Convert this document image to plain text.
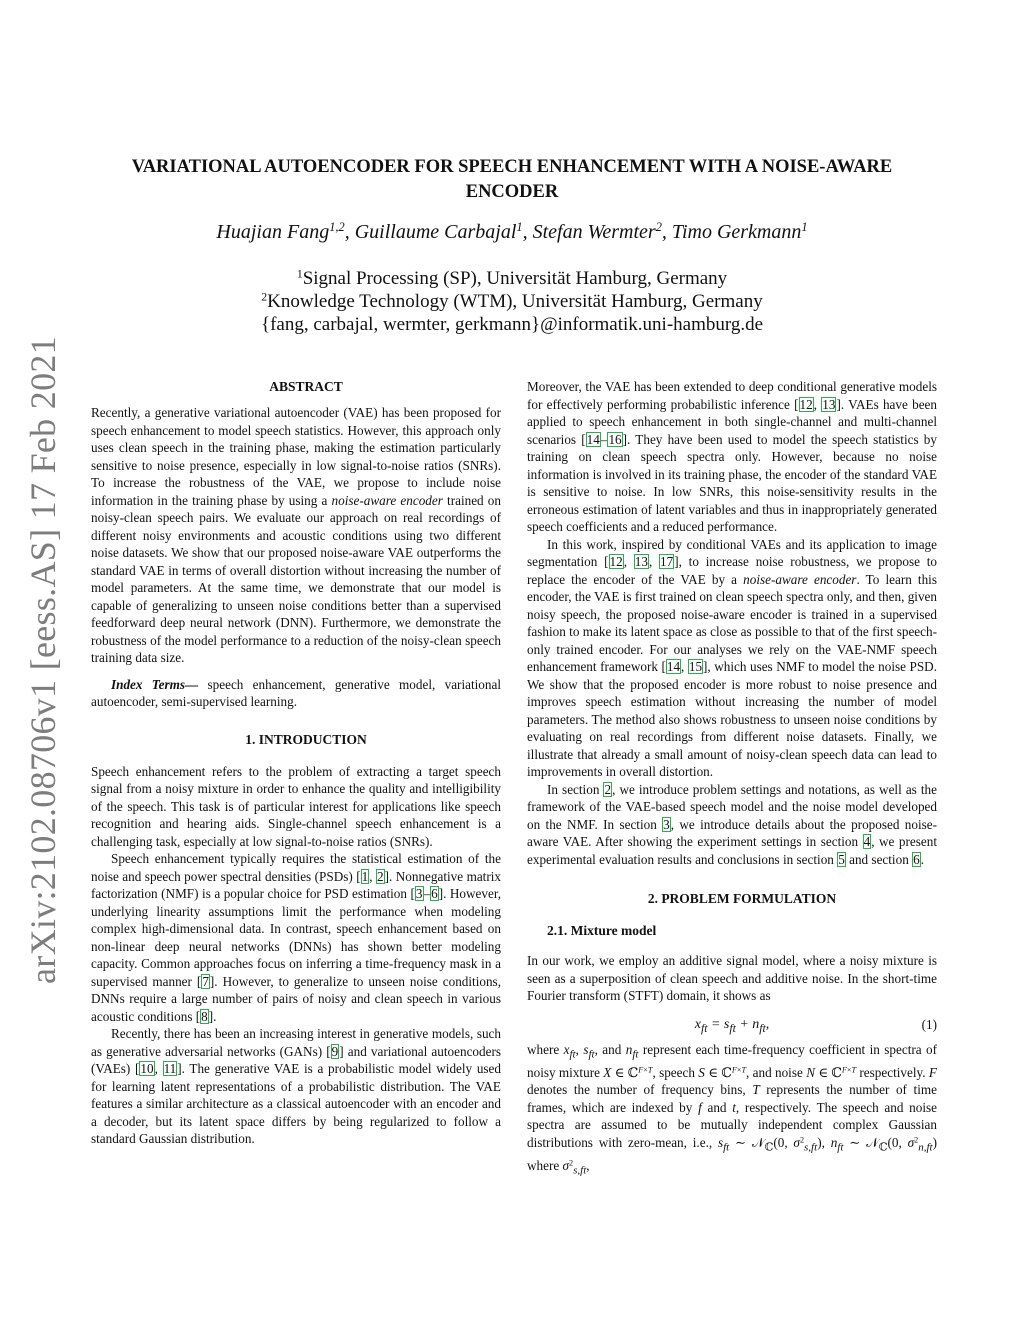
arXiv:2102.08706v1 [eess.AS] 17 Feb 2021
VARIATIONAL AUTOENCODER FOR SPEECH ENHANCEMENT WITH A NOISE-AWARE ENCODER
Huajian Fang$^{1,2}$, Guillaume Carbajal$^1$, Stefan Wermter$^2$, Timo Gerkmann$^1$
$^1$Signal Processing (SP), Universität Hamburg, Germany
$^2$Knowledge Technology (WTM), Universität Hamburg, Germany
{fang, carbajal, wermter, gerkmann}@informatik.uni-hamburg.de

ABSTRACT

Recently, a generative variational autoencoder (VAE) has been proposed for speech enhancement to model speech statistics. However, this approach only uses clean speech in the training phase, making the estimation particularly sensitive to noise presence, especially in low signal-to-noise ratios (SNRs). To increase the robustness of the VAE, we propose to include noise information in the training phase by using a noise-aware encoder trained on noisy-clean speech pairs. We evaluate our approach on real recordings of different noisy environments and acoustic conditions using two different noise datasets. We show that our proposed noise-aware VAE outperforms the standard VAE in terms of overall distortion without increasing the number of model parameters. At the same time, we demonstrate that our model is capable of generalizing to unseen noise conditions better than a supervised feedforward deep neural network (DNN). Furthermore, we demonstrate the robustness of the model performance to a reduction of the noisy-clean speech training data size.

Index Terms— speech enhancement, generative model, variational autoencoder, semi-supervised learning.

1. INTRODUCTION

Speech enhancement refers to the problem of extracting a target speech signal from a noisy mixture in order to enhance the quality and intelligibility of the speech. This task is of particular interest for applications like speech recognition and hearing aids. Single-channel speech enhancement is a challenging task, especially at low signal-to-noise ratios (SNRs).

Speech enhancement typically requires the statistical estimation of the noise and speech power spectral densities (PSDs) [1, 2]. Nonnegative matrix factorization (NMF) is a popular choice for PSD estimation [3–6]. However, underlying linearity assumptions limit the performance when modeling complex high-dimensional data. In contrast, speech enhancement based on non-linear deep neural networks (DNNs) has shown better modeling capacity. Common approaches focus on inferring a time-frequency mask in a supervised manner [7]. However, to generalize to unseen noise conditions, DNNs require a large number of pairs of noisy and clean speech in various acoustic conditions [8].

Recently, there has been an increasing interest in generative models, such as generative adversarial networks (GANs) [9] and variational autoencoders (VAEs) [10, 11]. The generative VAE is a probabilistic model widely used for learning latent representations of a probabilistic distribution. The VAE features a similar architecture as a classical autoencoder with an encoder and a decoder, but its latent space differs by being regularized to follow a standard Gaussian distribution.

Moreover, the VAE has been extended to deep conditional generative models for effectively performing probabilistic inference [12, 13]. VAEs have been applied to speech enhancement in both single-channel and multi-channel scenarios [14–16]. They have been used to model the speech statistics by training on clean speech spectra only. However, because no noise information is involved in its training phase, the encoder of the standard VAE is sensitive to noise. In low SNRs, this noise-sensitivity results in the erroneous estimation of latent variables and thus in inappropriately generated speech coefficients and a reduced performance.

In this work, inspired by conditional VAEs and its application to image segmentation [12, 13, 17], to increase noise robustness, we propose to replace the encoder of the VAE by a noise-aware encoder. To learn this encoder, the VAE is first trained on clean speech spectra only, and then, given noisy speech, the proposed noise-aware encoder is trained in a supervised fashion to make its latent space as close as possible to that of the first speech-only trained encoder. For our analyses we rely on the VAE-NMF speech enhancement framework [14, 15], which uses NMF to model the noise PSD. We show that the proposed encoder is more robust to noise presence and improves speech estimation without increasing the number of model parameters. The method also shows robustness to unseen noise conditions by evaluating on real recordings from different noise datasets. Finally, we illustrate that already a small amount of noisy-clean speech data can lead to improvements in overall distortion.

In section 2, we introduce problem settings and notations, as well as the framework of the VAE-based speech model and the noise model developed on the NMF. In section 3, we introduce details about the proposed noise-aware VAE. After showing the experiment settings in section 4, we present experimental evaluation results and conclusions in section 5 and section 6.

2. PROBLEM FORMULATION

2.1. Mixture model

In our work, we employ an additive signal model, where a noisy mixture is seen as a superposition of clean speech and additive noise. In the short-time Fourier transform (STFT) domain, it shows as

$x_{ft} = s_{ft} + n_{ft}$,	(1)

where $x_{ft}$, $s_{ft}$, and $n_{ft}$ represent each time-frequency coefficient in spectra of noisy mixture X ∈ ℂ$^{F\times T}$, speech S ∈ ℂ$^{F\times T}$, and noise N ∈ ℂ$^{F\times T}$ respectively. F denotes the number of frequency bins, T represents the number of time frames, which are indexed by f and t, respectively. The speech and noise spectra are assumed to be mutually independent complex Gaussian distributions with zero-mean, i.e., $s_{ft}$ ∼ 𝒩$_ℂ$(0, $\sigma^2_{s,ft}$), $n_{ft}$ ∼ 𝒩$_ℂ$(0, $\sigma^2_{n,ft}$) where $\sigma^2_{s,ft}$,
